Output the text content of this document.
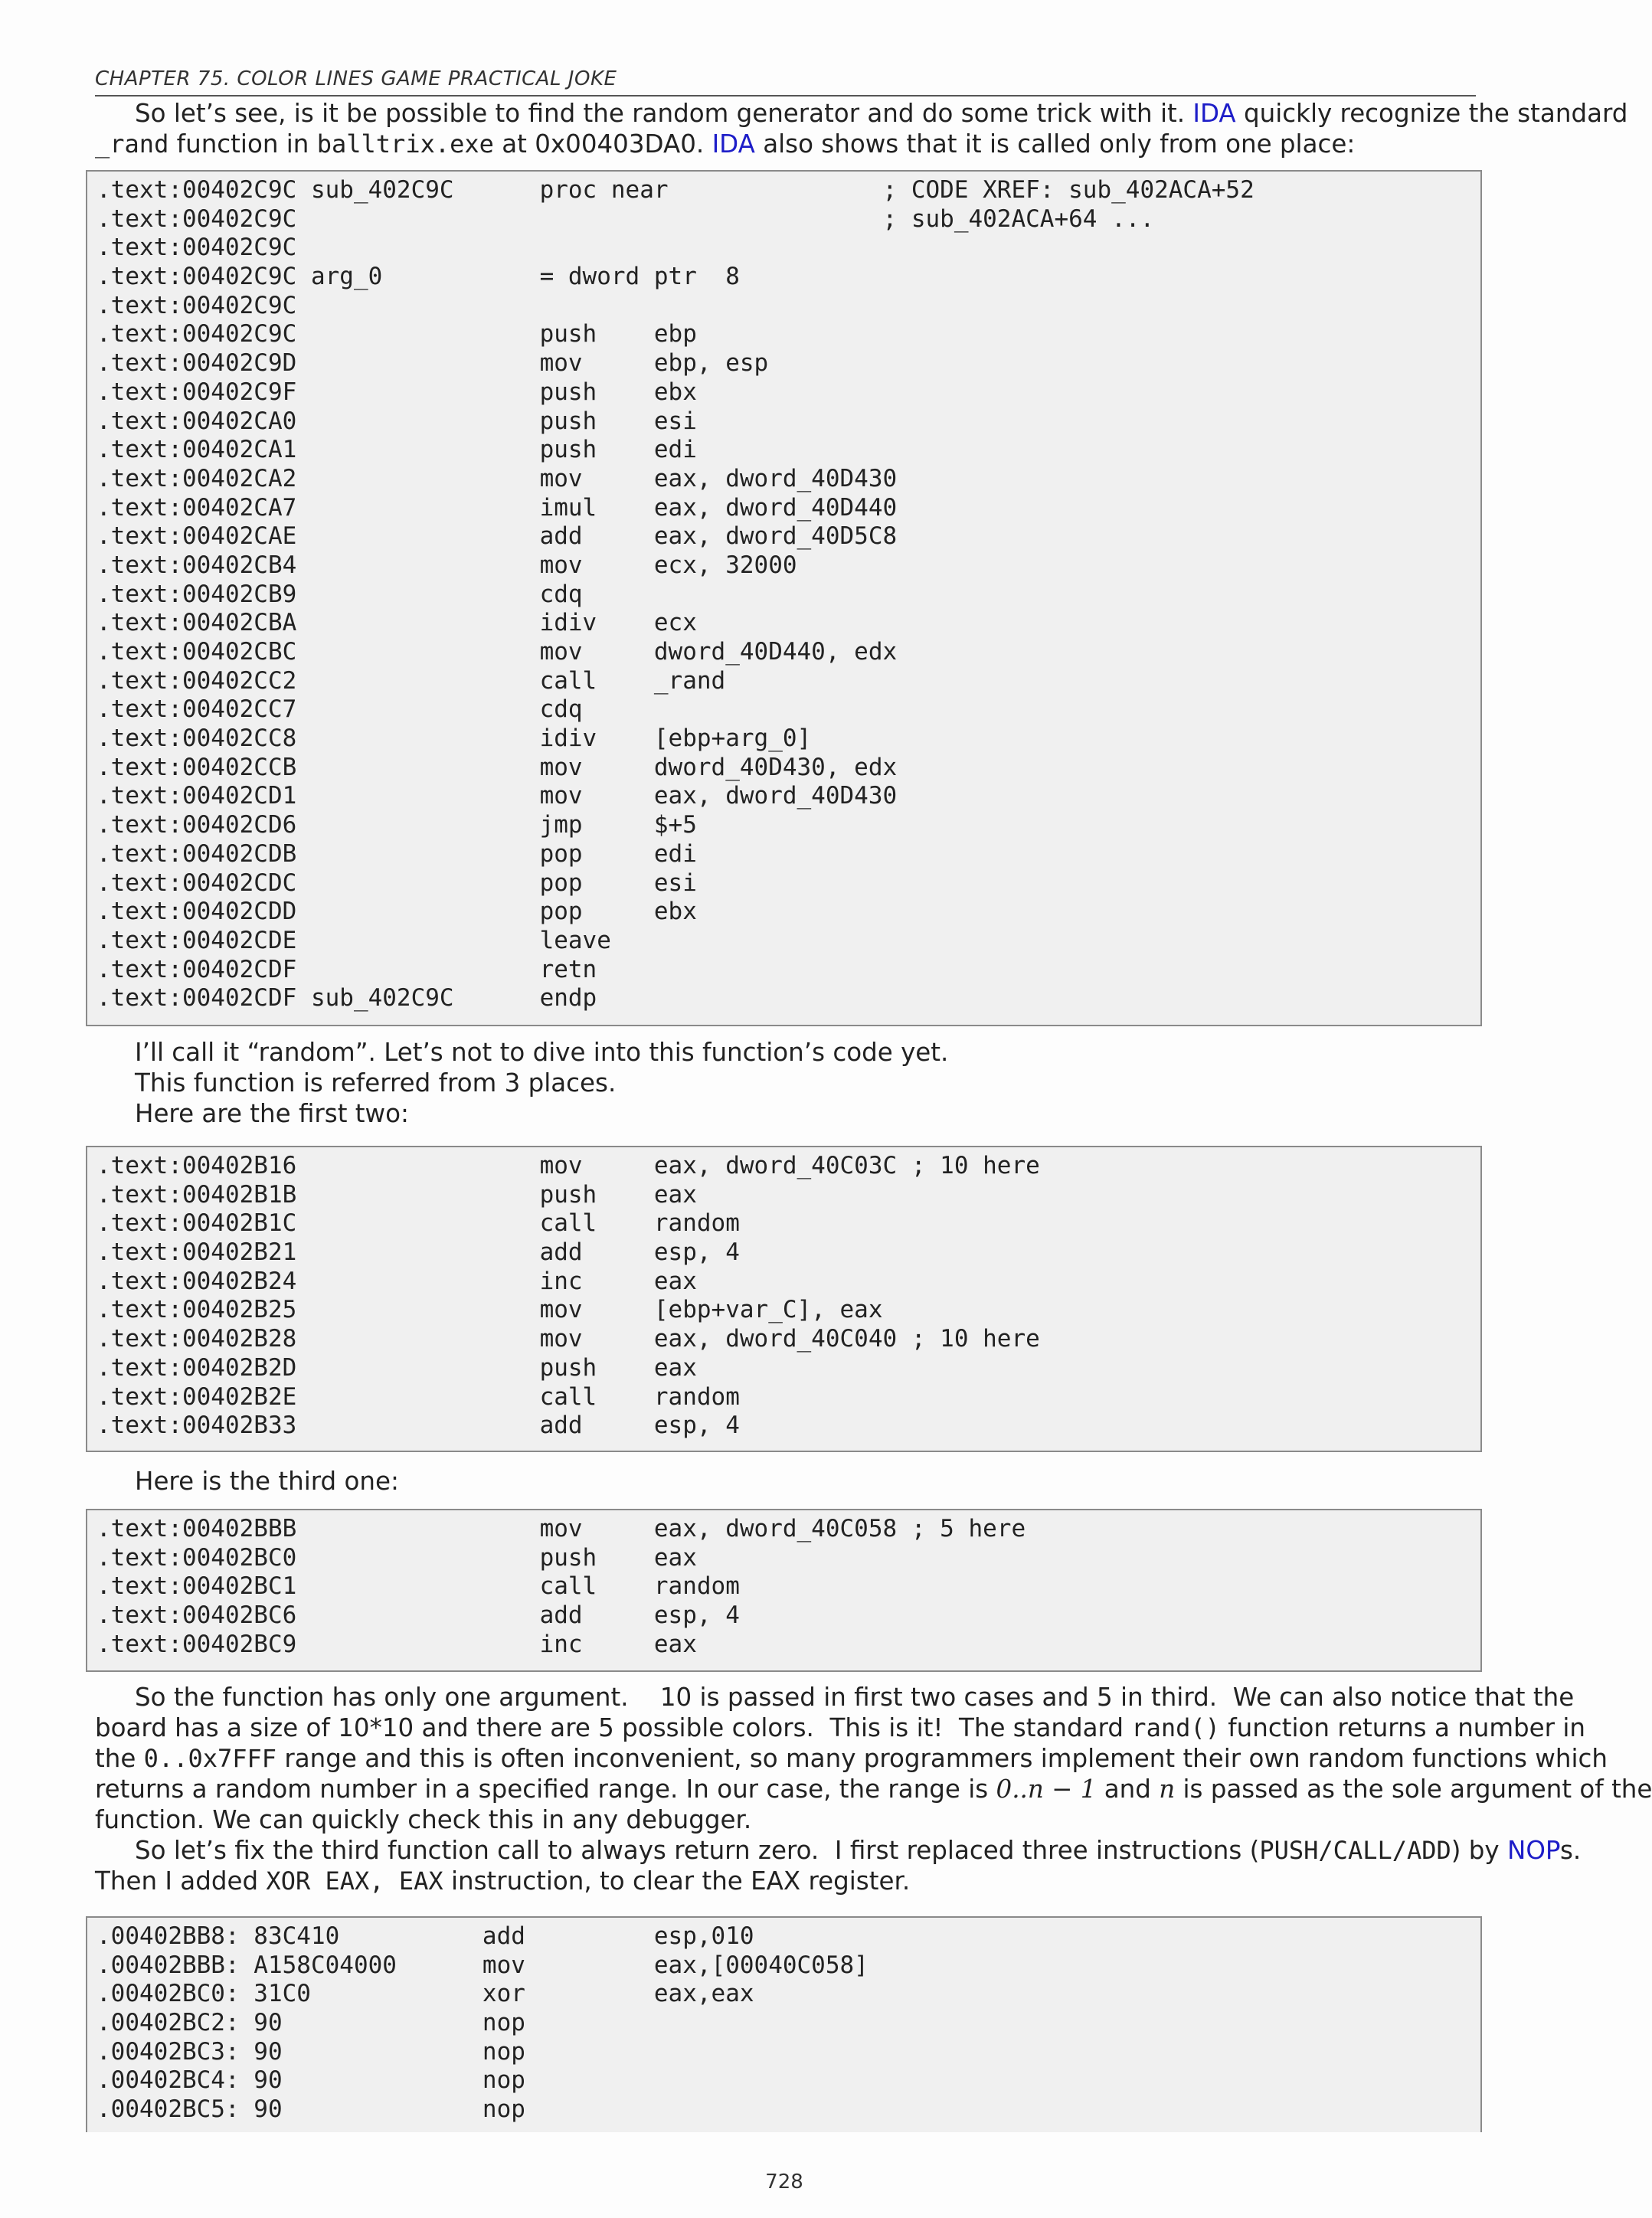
CHAPTER 75. COLOR LINES GAME PRACTICAL JOKE
So let’s see, is it be possible to find the random generator and do some trick with it. IDA quickly recognize the standard
_rand function in balltrix.exe at 0x00403DA0. IDA also shows that it is called only from one place:
.text:00402C9C sub_402C9C      proc near               ; CODE XREF: sub_402ACA+52
.text:00402C9C                                         ; sub_402ACA+64 ...
.text:00402C9C
.text:00402C9C arg_0           = dword ptr  8
.text:00402C9C
.text:00402C9C                 push    ebp
.text:00402C9D                 mov     ebp, esp
.text:00402C9F                 push    ebx
.text:00402CA0                 push    esi
.text:00402CA1                 push    edi
.text:00402CA2                 mov     eax, dword_40D430
.text:00402CA7                 imul    eax, dword_40D440
.text:00402CAE                 add     eax, dword_40D5C8
.text:00402CB4                 mov     ecx, 32000
.text:00402CB9                 cdq
.text:00402CBA                 idiv    ecx
.text:00402CBC                 mov     dword_40D440, edx
.text:00402CC2                 call    _rand
.text:00402CC7                 cdq
.text:00402CC8                 idiv    [ebp+arg_0]
.text:00402CCB                 mov     dword_40D430, edx
.text:00402CD1                 mov     eax, dword_40D430
.text:00402CD6                 jmp     $+5
.text:00402CDB                 pop     edi
.text:00402CDC                 pop     esi
.text:00402CDD                 pop     ebx
.text:00402CDE                 leave
.text:00402CDF                 retn
.text:00402CDF sub_402C9C      endp
I’ll call it “random”. Let’s not to dive into this function’s code yet.
This function is referred from 3 places.
Here are the first two:
.text:00402B16                 mov     eax, dword_40C03C ; 10 here
.text:00402B1B                 push    eax
.text:00402B1C                 call    random
.text:00402B21                 add     esp, 4
.text:00402B24                 inc     eax
.text:00402B25                 mov     [ebp+var_C], eax
.text:00402B28                 mov     eax, dword_40C040 ; 10 here
.text:00402B2D                 push    eax
.text:00402B2E                 call    random
.text:00402B33                 add     esp, 4
Here is the third one:
.text:00402BBB                 mov     eax, dword_40C058 ; 5 here
.text:00402BC0                 push    eax
.text:00402BC1                 call    random
.text:00402BC6                 add     esp, 4
.text:00402BC9                 inc     eax
So the function has only one argument.    10 is passed in first two cases and 5 in third.  We can also notice that the
board has a size of 10*10 and there are 5 possible colors.  This is it!  The standard rand() function returns a number in
the 0..0x7FFF range and this is often inconvenient, so many programmers implement their own random functions which
returns a random number in a specified range. In our case, the range is 0..n − 1 and n is passed as the sole argument of the
function. We can quickly check this in any debugger.
So let’s fix the third function call to always return zero.  I first replaced three instructions (PUSH/CALL/ADD) by NOPs.
Then I added XOR EAX, EAX instruction, to clear the EAX register.
.00402BB8: 83C410          add         esp,010
.00402BBB: A158C04000      mov         eax,[00040C058]
.00402BC0: 31C0            xor         eax,eax
.00402BC2: 90              nop
.00402BC3: 90              nop
.00402BC4: 90              nop
.00402BC5: 90              nop
728
